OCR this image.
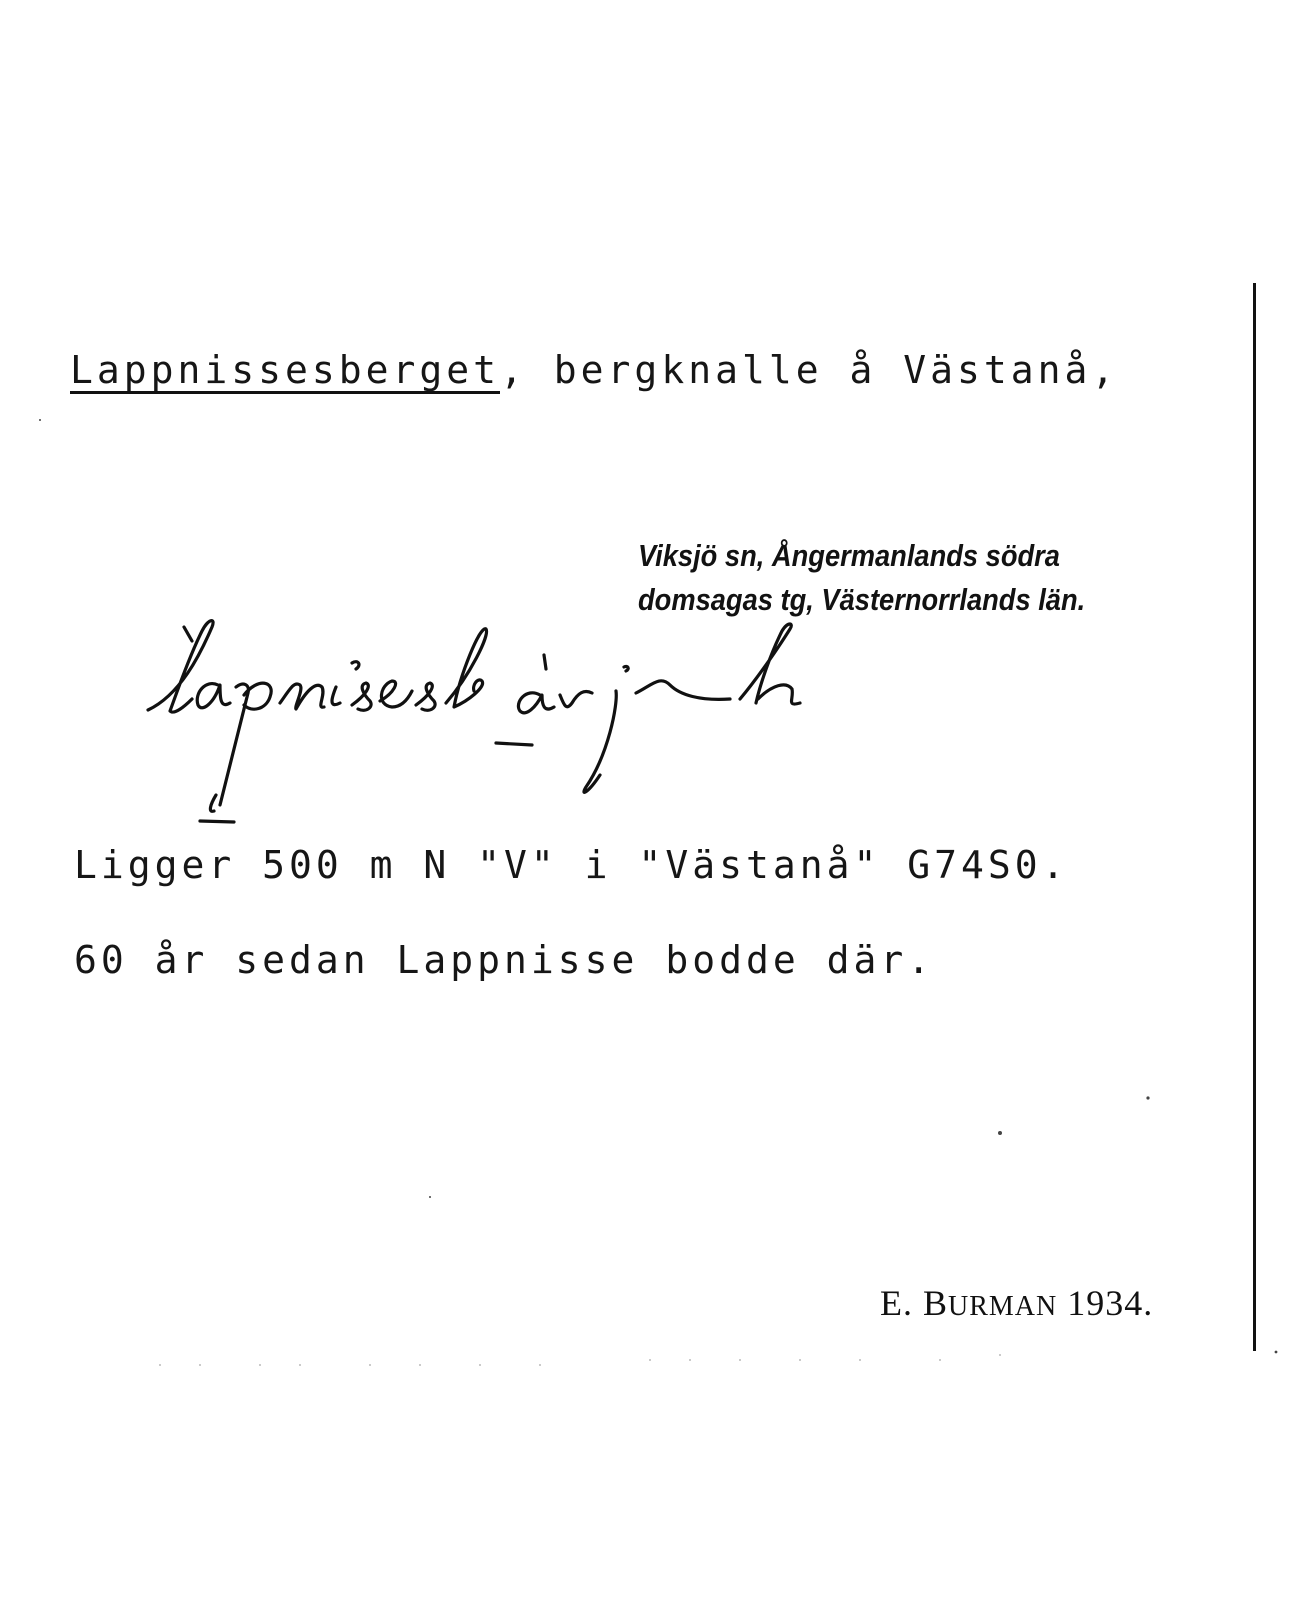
Lappnissesberget, bergknalle å Västanå,
Viksjö sn, Ångermanlands södra
domsagas tg, Västernorrlands län.
Ligger 500 m N "V" i "Västanå" G74S0.
60 år sedan Lappnisse bodde där.
E. BURMAN 1934.
